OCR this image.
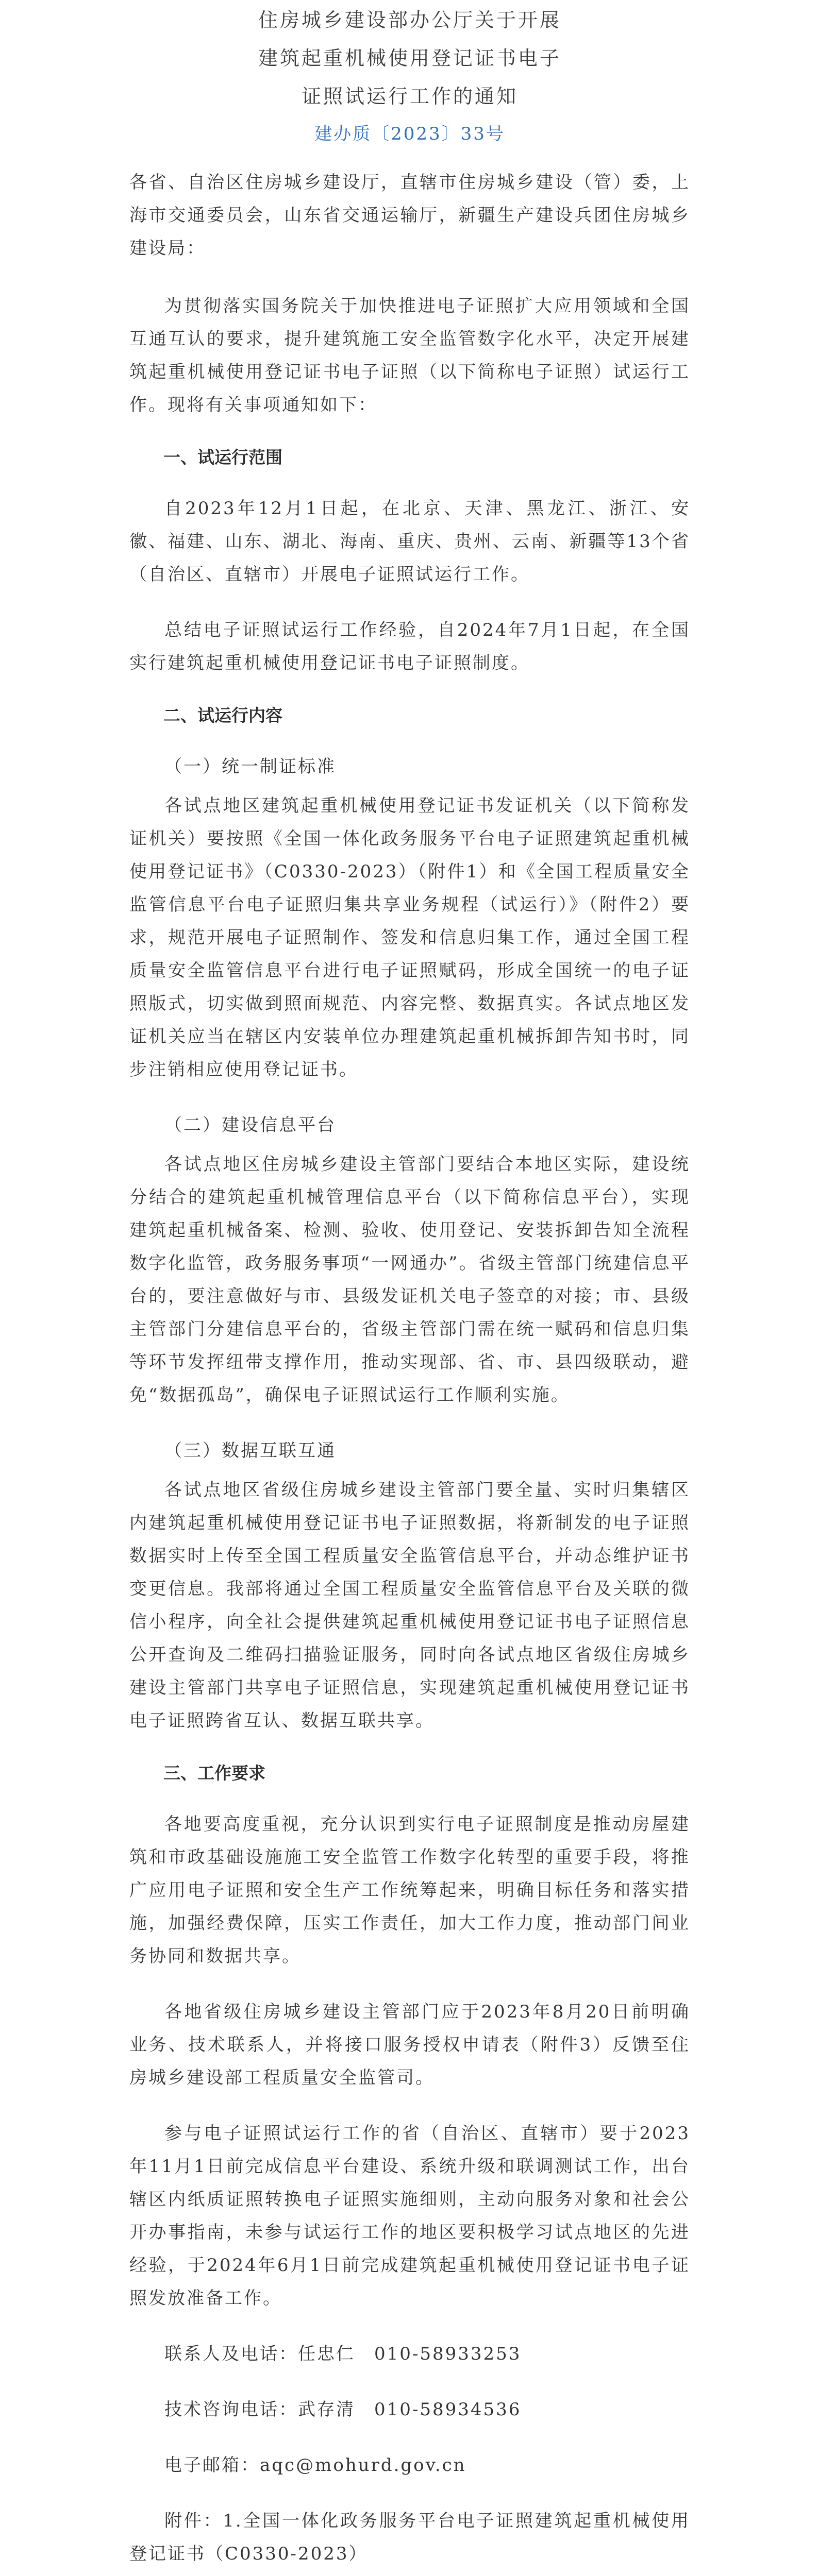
住房城乡建设部办公厅关于开展
建筑起重机械使用登记证书电子
证照试运行工作的通知
建办质〔2023〕33号

各省、自治区住房城乡建设厅，直辖市住房城乡建设（管）委，上海市交通委员会，山东省交通运输厅，新疆生产建设兵团住房城乡建设局：

为贯彻落实国务院关于加快推进电子证照扩大应用领域和全国互通互认的要求，提升建筑施工安全监管数字化水平，决定开展建筑起重机械使用登记证书电子证照（以下简称电子证照）试运行工作。现将有关事项通知如下：

一、试运行范围

自2023年12月1日起，在北京、天津、黑龙江、浙江、安徽、福建、山东、湖北、海南、重庆、贵州、云南、新疆等13个省（自治区、直辖市）开展电子证照试运行工作。

总结电子证照试运行工作经验，自2024年7月1日起，在全国实行建筑起重机械使用登记证书电子证照制度。

二、试运行内容

（一）统一制证标准

各试点地区建筑起重机械使用登记证书发证机关（以下简称发证机关）要按照《全国一体化政务服务平台电子证照建筑起重机械使用登记证书》（C0330-2023）（附件1）和《全国工程质量安全监管信息平台电子证照归集共享业务规程（试运行）》（附件2）要求，规范开展电子证照制作、签发和信息归集工作，通过全国工程质量安全监管信息平台进行电子证照赋码，形成全国统一的电子证照版式，切实做到照面规范、内容完整、数据真实。各试点地区发证机关应当在辖区内安装单位办理建筑起重机械拆卸告知书时，同步注销相应使用登记证书。

（二）建设信息平台

各试点地区住房城乡建设主管部门要结合本地区实际，建设统分结合的建筑起重机械管理信息平台（以下简称信息平台），实现建筑起重机械备案、检测、验收、使用登记、安装拆卸告知全流程数字化监管，政务服务事项“一网通办”。省级主管部门统建信息平台的，要注意做好与市、县级发证机关电子签章的对接；市、县级主管部门分建信息平台的，省级主管部门需在统一赋码和信息归集等环节发挥纽带支撑作用，推动实现部、省、市、县四级联动，避免“数据孤岛”，确保电子证照试运行工作顺利实施。

（三）数据互联互通

各试点地区省级住房城乡建设主管部门要全量、实时归集辖区内建筑起重机械使用登记证书电子证照数据，将新制发的电子证照数据实时上传至全国工程质量安全监管信息平台，并动态维护证书变更信息。我部将通过全国工程质量安全监管信息平台及关联的微信小程序，向全社会提供建筑起重机械使用登记证书电子证照信息公开查询及二维码扫描验证服务，同时向各试点地区省级住房城乡建设主管部门共享电子证照信息，实现建筑起重机械使用登记证书电子证照跨省互认、数据互联共享。

三、工作要求

各地要高度重视，充分认识到实行电子证照制度是推动房屋建筑和市政基础设施施工安全监管工作数字化转型的重要手段，将推广应用电子证照和安全生产工作统筹起来，明确目标任务和落实措施，加强经费保障，压实工作责任，加大工作力度，推动部门间业务协同和数据共享。

各地省级住房城乡建设主管部门应于2023年8月20日前明确业务、技术联系人，并将接口服务授权申请表（附件3）反馈至住房城乡建设部工程质量安全监管司。

参与电子证照试运行工作的省（自治区、直辖市）要于2023年11月1日前完成信息平台建设、系统升级和联调测试工作，出台辖区内纸质证照转换电子证照实施细则，主动向服务对象和社会公开办事指南，未参与试运行工作的地区要积极学习试点地区的先进经验，于2024年6月1日前完成建筑起重机械使用登记证书电子证照发放准备工作。

联系人及电话：任忠仁　010-58933253

技术咨询电话：武存清　010-58934536

电子邮箱：aqc@mohurd.gov.cn

附件：1.全国一体化政务服务平台电子证照建筑起重机械使用登记证书（C0330-2023）
